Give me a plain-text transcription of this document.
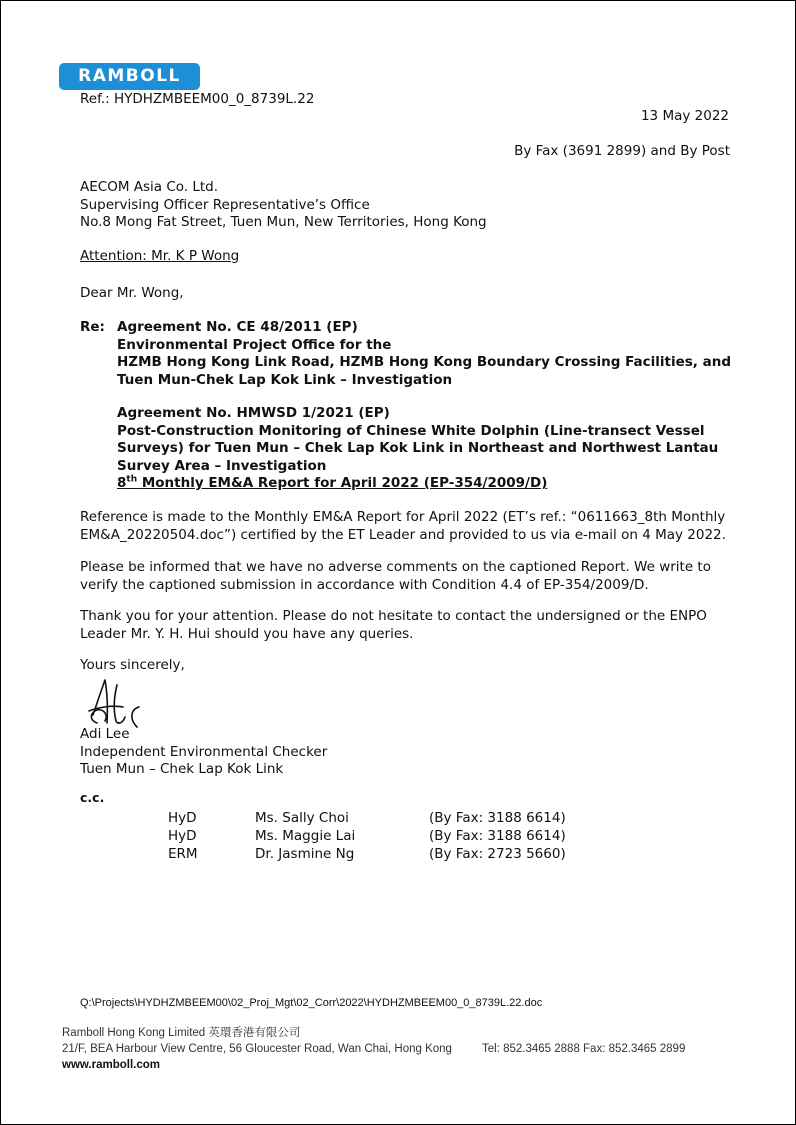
RAMBOLL

Ref.: HYDHZMBEEM00_0_8739L.22

13 May 2022

By Fax (3691 2899) and By Post

AECOM Asia Co. Ltd.
Supervising Officer Representative’s Office
No.8 Mong Fat Street, Tuen Mun, New Territories, Hong Kong

Attention: Mr. K P Wong

Dear Mr. Wong,

Re: Agreement No. CE 48/2011 (EP)
Environmental Project Office for the
HZMB Hong Kong Link Road, HZMB Hong Kong Boundary Crossing Facilities, and
Tuen Mun-Chek Lap Kok Link – Investigation
Agreement No. HMWSD 1/2021 (EP)
Post-Construction Monitoring of Chinese White Dolphin (Line-transect Vessel
Surveys) for Tuen Mun – Chek Lap Kok Link in Northeast and Northwest Lantau
Survey Area – Investigation
8th Monthly EM&A Report for April 2022 (EP-354/2009/D)
Reference is made to the Monthly EM&A Report for April 2022 (ET’s ref.: “0611663_8th Monthly
EM&A_20220504.doc”) certified by the ET Leader and provided to us via e-mail on 4 May 2022.
Please be informed that we have no adverse comments on the captioned Report. We write to
verify the captioned submission in accordance with Condition 4.4 of EP-354/2009/D.
Thank you for your attention. Please do not hesitate to contact the undersigned or the ENPO
Leader Mr. Y. H. Hui should you have any queries.

Yours sincerely,

Adi Lee
Independent Environmental Checker
Tuen Mun – Chek Lap Kok Link

c.c.

HyD	Ms. Sally Choi	(By Fax: 3188 6614)
HyD	Ms. Maggie Lai	(By Fax: 3188 6614)
ERM	Dr. Jasmine Ng	(By Fax: 2723 5660)

Q:\Projects\HYDHZMBEEM00\02_Proj_Mgt\02_Corr\2022\HYDHZMBEEM00_0_8739L.22.doc

Ramboll Hong Kong Limited 英環香港有限公司
21/F, BEA Harbour View Centre, 56 Gloucester Road, Wan Chai, Hong Kong	Tel: 852.3465 2888 Fax: 852.3465 2899
www.ramboll.com
